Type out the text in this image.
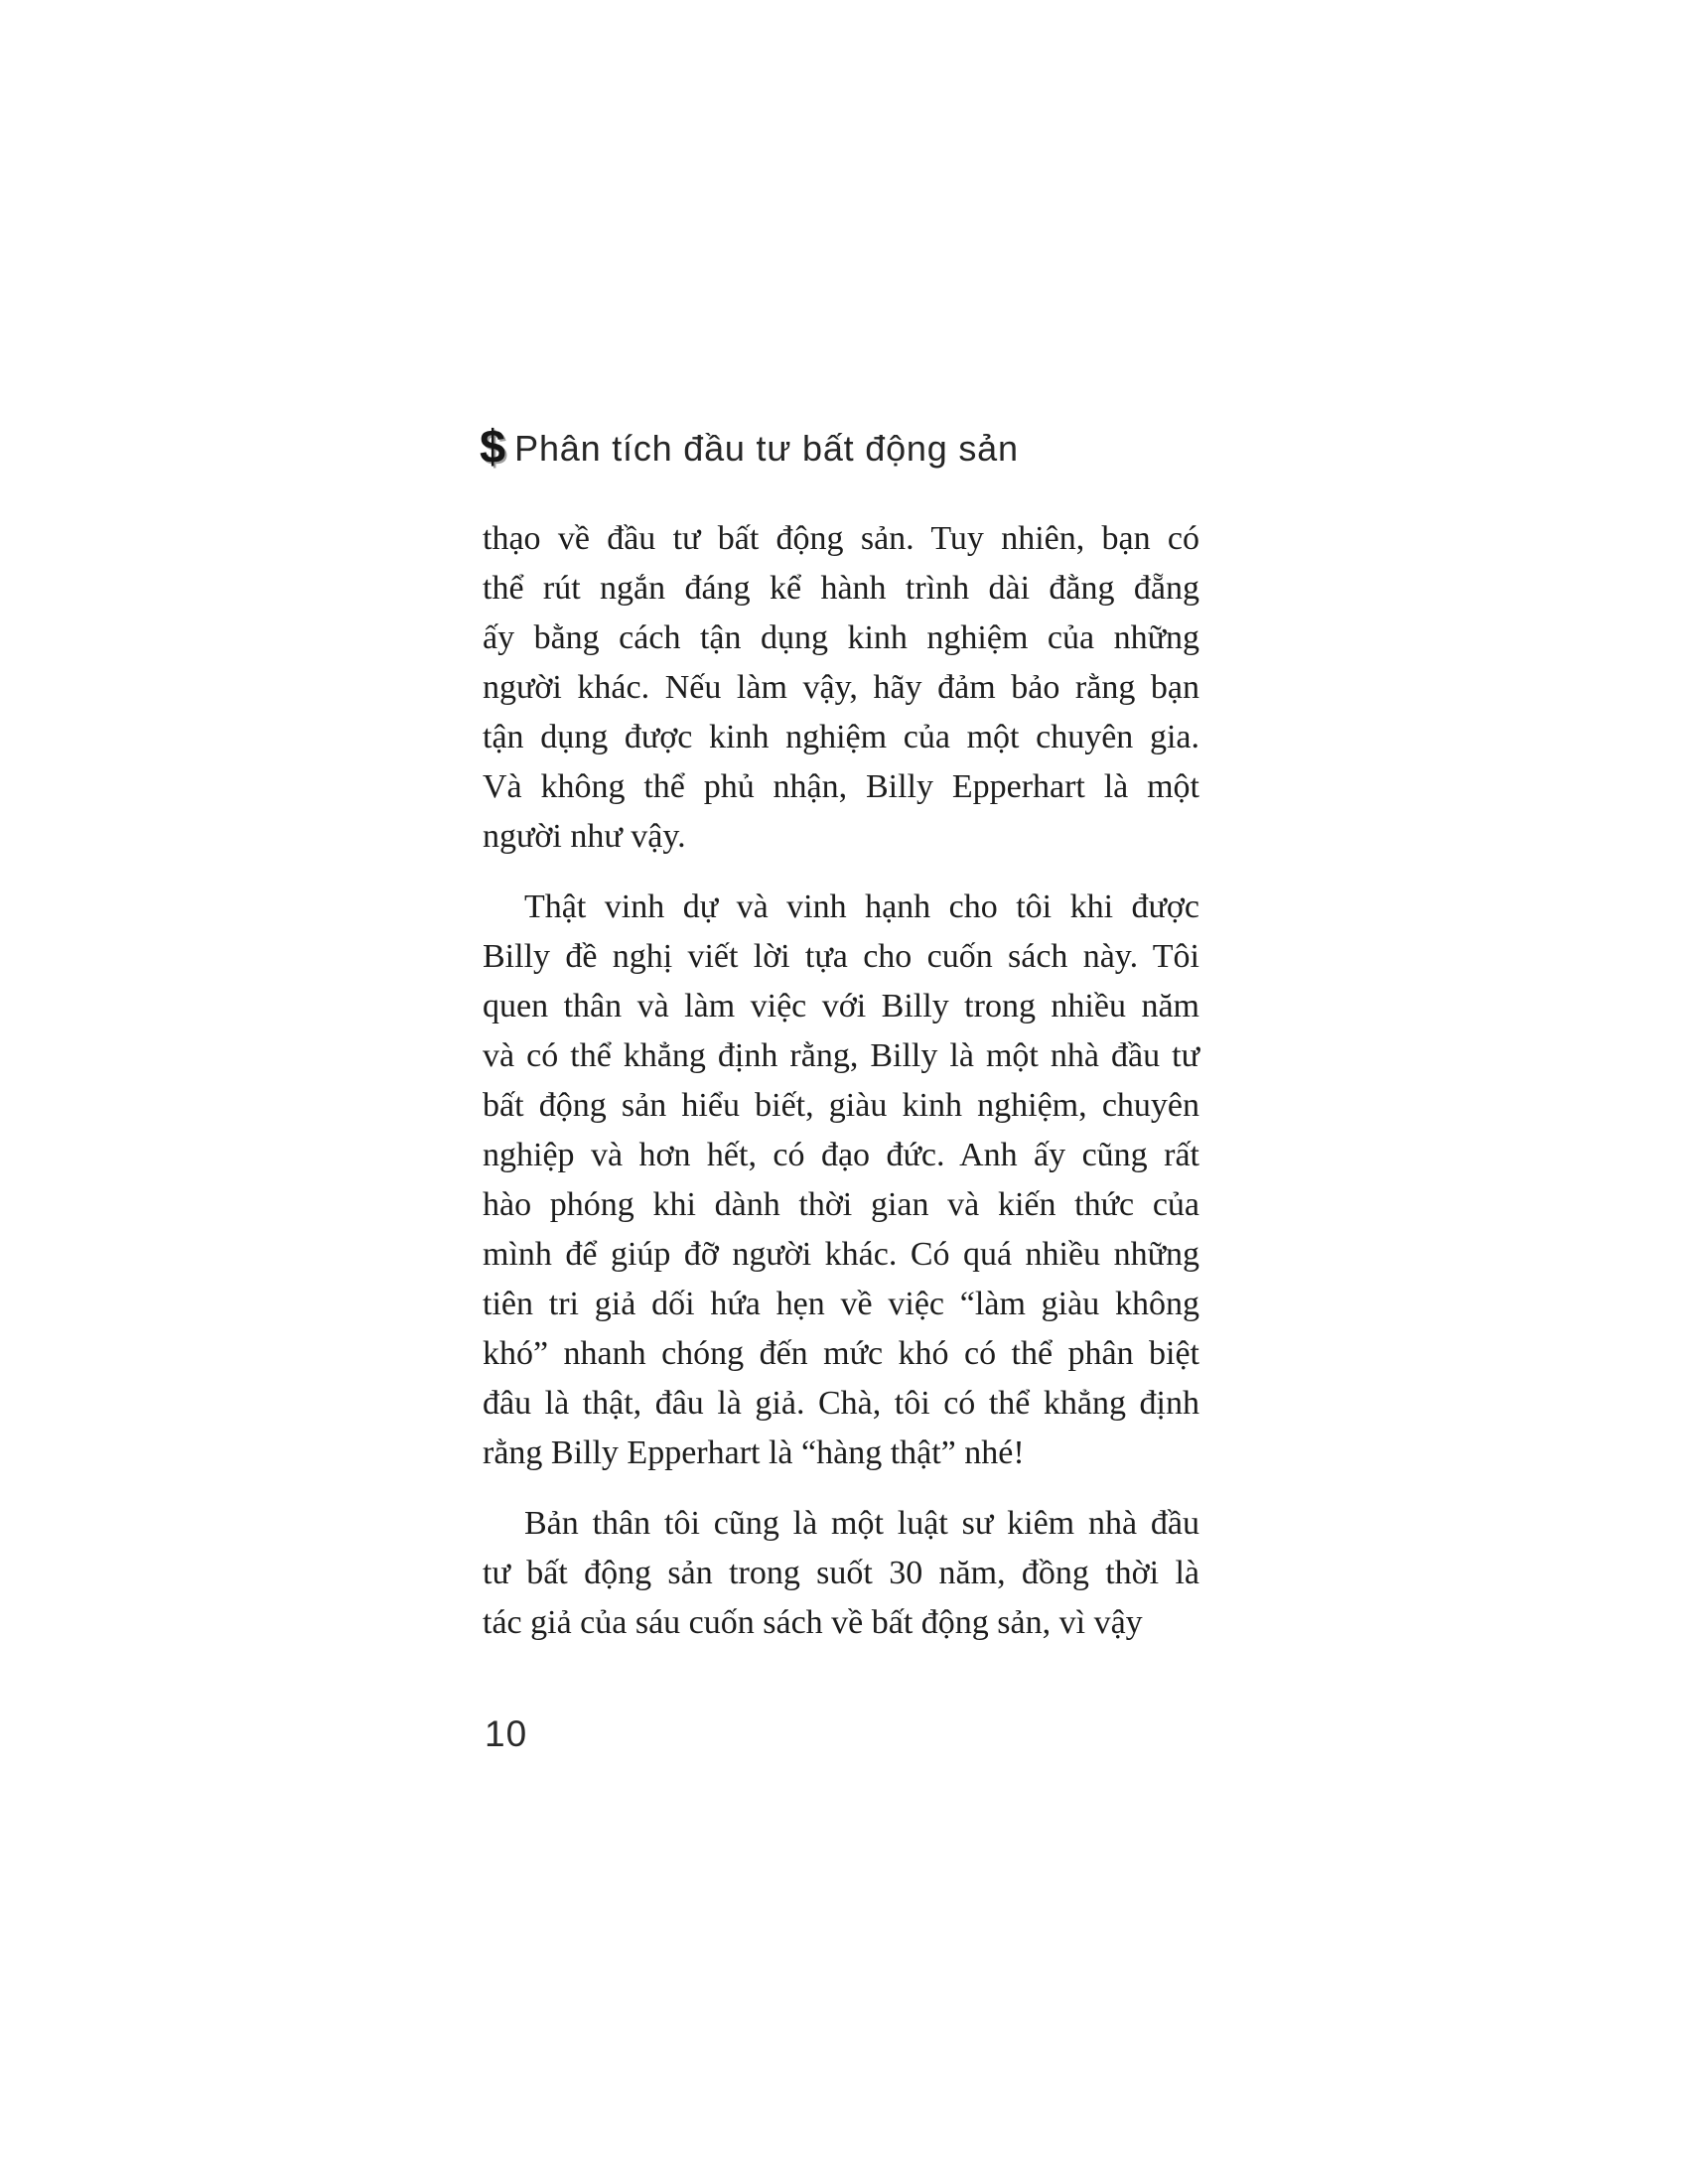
$ Phân tích đầu tư bất động sản
thạo về đầu tư bất động sản. Tuy nhiên, bạn có
thể rút ngắn đáng kể hành trình dài đằng đẵng
ấy bằng cách tận dụng kinh nghiệm của những
người khác. Nếu làm vậy, hãy đảm bảo rằng bạn
tận dụng được kinh nghiệm của một chuyên gia.
Và không thể phủ nhận, Billy Epperhart là một
người như vậy.
Thật vinh dự và vinh hạnh cho tôi khi được
Billy đề nghị viết lời tựa cho cuốn sách này. Tôi
quen thân và làm việc với Billy trong nhiều năm
và có thể khẳng định rằng, Billy là một nhà đầu tư
bất động sản hiểu biết, giàu kinh nghiệm, chuyên
nghiệp và hơn hết, có đạo đức. Anh ấy cũng rất
hào phóng khi dành thời gian và kiến thức của
mình để giúp đỡ người khác. Có quá nhiều những
tiên tri giả dối hứa hẹn về việc “làm giàu không
khó” nhanh chóng đến mức khó có thể phân biệt
đâu là thật, đâu là giả. Chà, tôi có thể khẳng định
rằng Billy Epperhart là “hàng thật” nhé!
Bản thân tôi cũng là một luật sư kiêm nhà đầu
tư bất động sản trong suốt 30 năm, đồng thời là
tác giả của sáu cuốn sách về bất động sản, vì vậy
10
